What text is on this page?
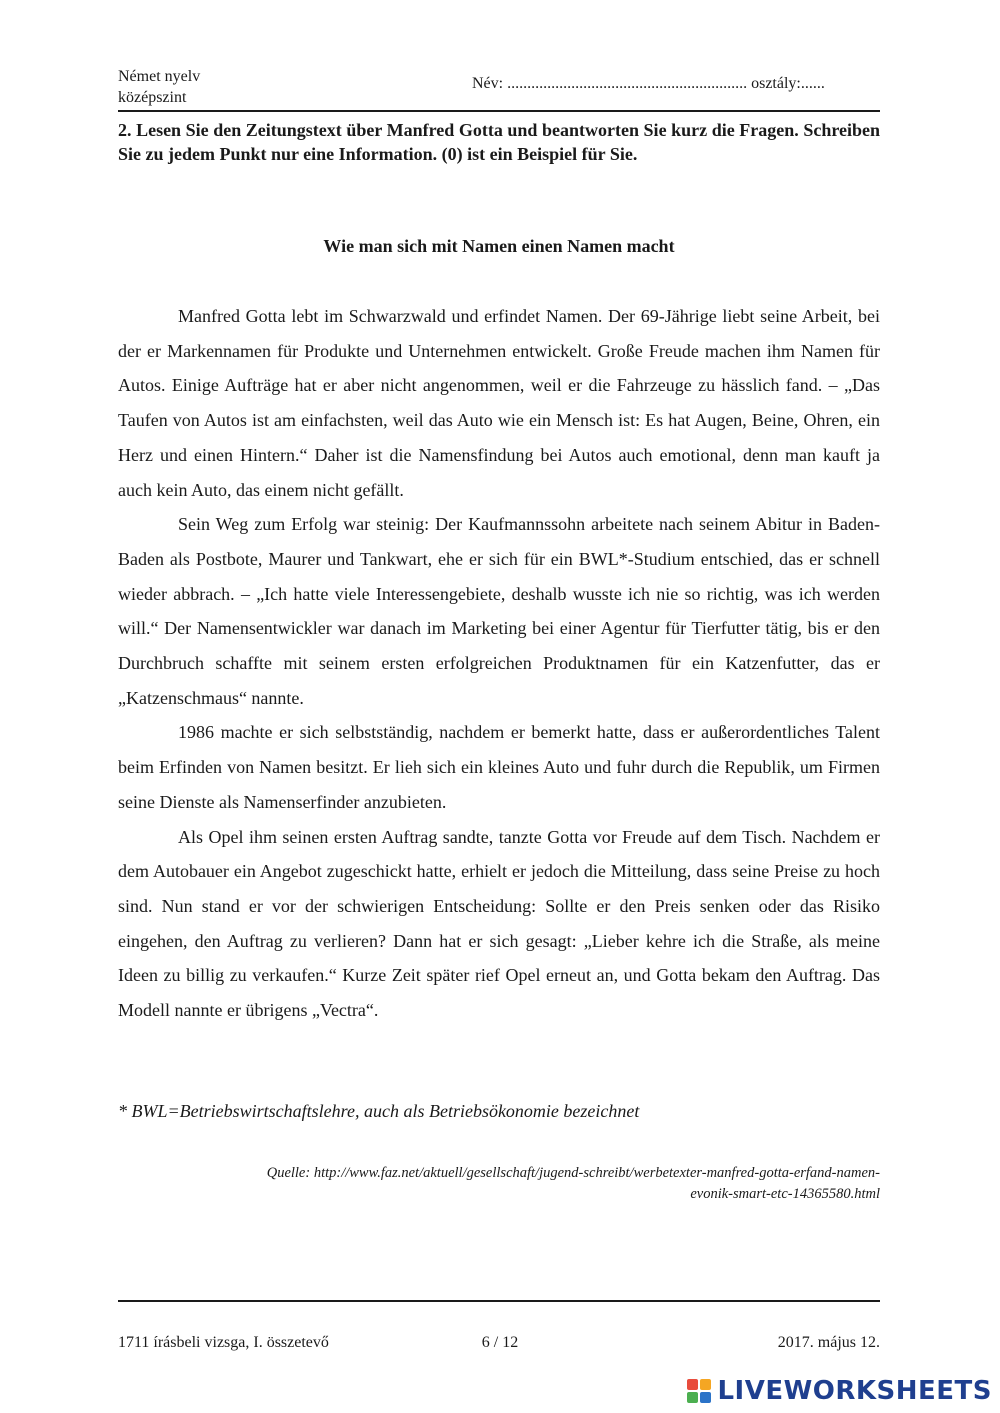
Német nyelv
középszint
Név: ............................................................ osztály:......
2. Lesen Sie den Zeitungstext über Manfred Gotta und beantworten Sie kurz die Fragen. Schreiben Sie zu jedem Punkt nur eine Information. (0) ist ein Beispiel für Sie.
Wie man sich mit Namen einen Namen macht

Manfred Gotta lebt im Schwarzwald und erfindet Namen. Der 69-Jährige liebt seine Arbeit, bei der er Markennamen für Produkte und Unternehmen entwickelt. Große Freude machen ihm Namen für Autos. Einige Aufträge hat er aber nicht angenommen, weil er die Fahrzeuge zu hässlich fand. – „Das Taufen von Autos ist am einfachsten, weil das Auto wie ein Mensch ist: Es hat Augen, Beine, Ohren, ein Herz und einen Hintern.“ Daher ist die Namensfindung bei Autos auch emotional, denn man kauft ja auch kein Auto, das einem nicht gefällt.

Sein Weg zum Erfolg war steinig: Der Kaufmannssohn arbeitete nach seinem Abitur in Baden-Baden als Postbote, Maurer und Tankwart, ehe er sich für ein BWL*-Studium entschied, das er schnell wieder abbrach. – „Ich hatte viele Interessengebiete, deshalb wusste ich nie so richtig, was ich werden will.“ Der Namensentwickler war danach im Marketing bei einer Agentur für Tierfutter tätig, bis er den Durchbruch schaffte mit seinem ersten erfolgreichen Produktnamen für ein Katzenfutter, das er „Katzenschmaus“ nannte.

1986 machte er sich selbstständig, nachdem er bemerkt hatte, dass er außerordentliches Talent beim Erfinden von Namen besitzt. Er lieh sich ein kleines Auto und fuhr durch die Republik, um Firmen seine Dienste als Namenserfinder anzubieten.

Als Opel ihm seinen ersten Auftrag sandte, tanzte Gotta vor Freude auf dem Tisch. Nachdem er dem Autobauer ein Angebot zugeschickt hatte, erhielt er jedoch die Mitteilung, dass seine Preise zu hoch sind. Nun stand er vor der schwierigen Entscheidung: Sollte er den Preis senken oder das Risiko eingehen, den Auftrag zu verlieren? Dann hat er sich gesagt: „Lieber kehre ich die Straße, als meine Ideen zu billig zu verkaufen.“ Kurze Zeit später rief Opel erneut an, und Gotta bekam den Auftrag. Das Modell nannte er übrigens „Vectra“.

* BWL=Betriebswirtschaftslehre, auch als Betriebsökonomie bezeichnet
Quelle: http://www.faz.net/aktuell/gesellschaft/jugend-schreibt/werbetexter-manfred-gotta-erfand-namen-
evonik-smart-etc-14365580.html
1711 írásbeli vizsga, I. összetevő	6 / 12	2017. május 12.
LIVEWORKSHEETS
